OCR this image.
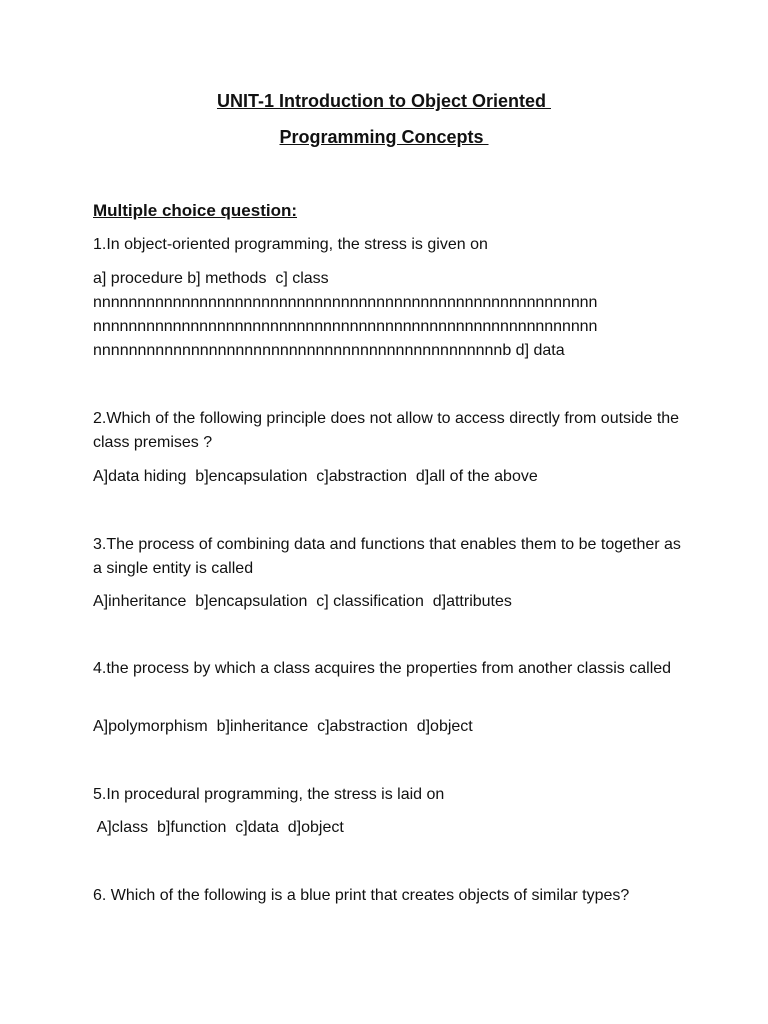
UNIT-1 Introduction to Object Oriented
Programming Concepts
Multiple choice question:
1.In object-oriented programming, the stress is given on
a] procedure b] methods  c] class
nnnnnnnnnnnnnnnnnnnnnnnnnnnnnnnnnnnnnnnnnnnnnnnnnnnnnnnnn
nnnnnnnnnnnnnnnnnnnnnnnnnnnnnnnnnnnnnnnnnnnnnnnnnnnnnnnnn
nnnnnnnnnnnnnnnnnnnnnnnnnnnnnnnnnnnnnnnnnnnnnnb d] data
2.Which of the following principle does not allow to access directly from outside the class premises ?
A]data hiding  b]encapsulation  c]abstraction  d]all of the above
3.The process of combining data and functions that enables them to be together as a single entity is called
A]inheritance  b]encapsulation  c] classification  d]attributes
4.the process by which a class acquires the properties from another classis called
A]polymorphism  b]inheritance  c]abstraction  d]object
5.In procedural programming, the stress is laid on
A]class  b]function  c]data  d]object
6. Which of the following is a blue print that creates objects of similar types?
